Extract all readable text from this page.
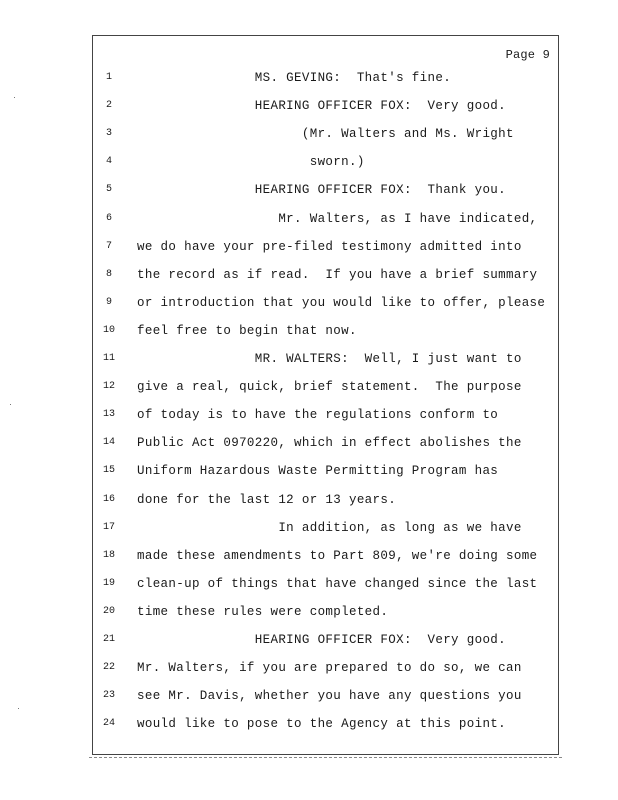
Page 9
1	MS. GEVING:  That's fine.
2	HEARING OFFICER FOX:  Very good.
3	(Mr. Walters and Ms. Wright
4	sworn.)
5	HEARING OFFICER FOX:  Thank you.
6	Mr. Walters, as I have indicated,
7	we do have your pre-filed testimony admitted into
8	the record as if read.  If you have a brief summary
9	or introduction that you would like to offer, please
10	feel free to begin that now.
11	MR. WALTERS:  Well, I just want to
12	give a real, quick, brief statement.  The purpose
13	of today is to have the regulations conform to
14	Public Act 0970220, which in effect abolishes the
15	Uniform Hazardous Waste Permitting Program has
16	done for the last 12 or 13 years.
17	In addition, as long as we have
18	made these amendments to Part 809, we're doing some
19	clean-up of things that have changed since the last
20	time these rules were completed.
21	HEARING OFFICER FOX:  Very good.
22	Mr. Walters, if you are prepared to do so, we can
23	see Mr. Davis, whether you have any questions you
24	would like to pose to the Agency at this point.
